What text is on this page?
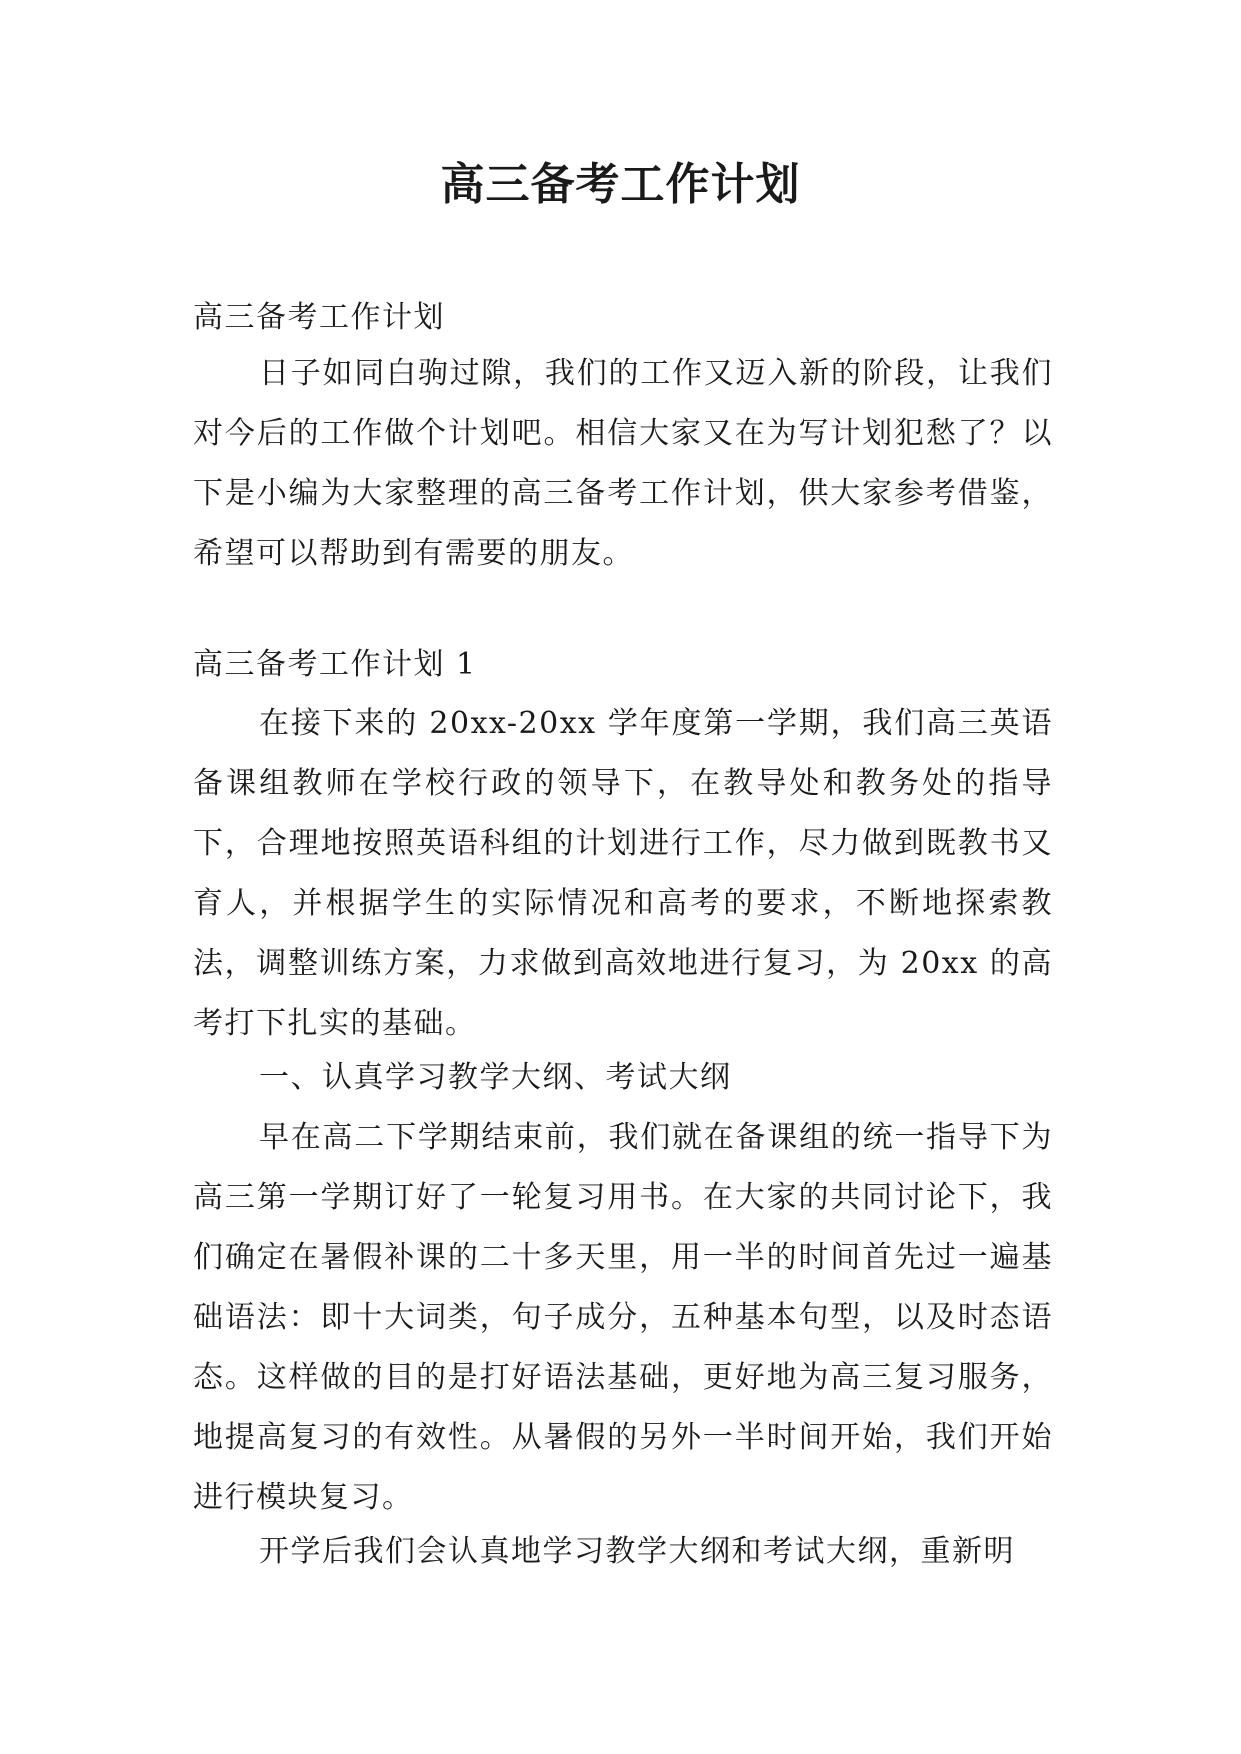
高三备考工作计划

高三备考工作计划

日子如同白驹过隙，我们的工作又迈入新的阶段，让我们对今后的工作做个计划吧。相信大家又在为写计划犯愁了？以下是小编为大家整理的高三备考工作计划，供大家参考借鉴，希望可以帮助到有需要的朋友。

高三备考工作计划 1

在接下来的 20xx-20xx 学年度第一学期，我们高三英语备课组教师在学校行政的领导下，在教导处和教务处的指导下，合理地按照英语科组的计划进行工作，尽力做到既教书又育人，并根据学生的实际情况和高考的要求，不断地探索教法，调整训练方案，力求做到高效地进行复习，为 20xx 的高考打下扎实的基础。

一、认真学习教学大纲、考试大纲

早在高二下学期结束前，我们就在备课组的统一指导下为高三第一学期订好了一轮复习用书。在大家的共同讨论下，我们确定在暑假补课的二十多天里，用一半的时间首先过一遍基础语法：即十大词类，句子成分，五种基本句型，以及时态语态。这样做的目的是打好语法基础，更好地为高三复习服务，地提高复习的有效性。从暑假的另外一半时间开始，我们开始进行模块复习。

开学后我们会认真地学习教学大纲和考试大纲，重新明
